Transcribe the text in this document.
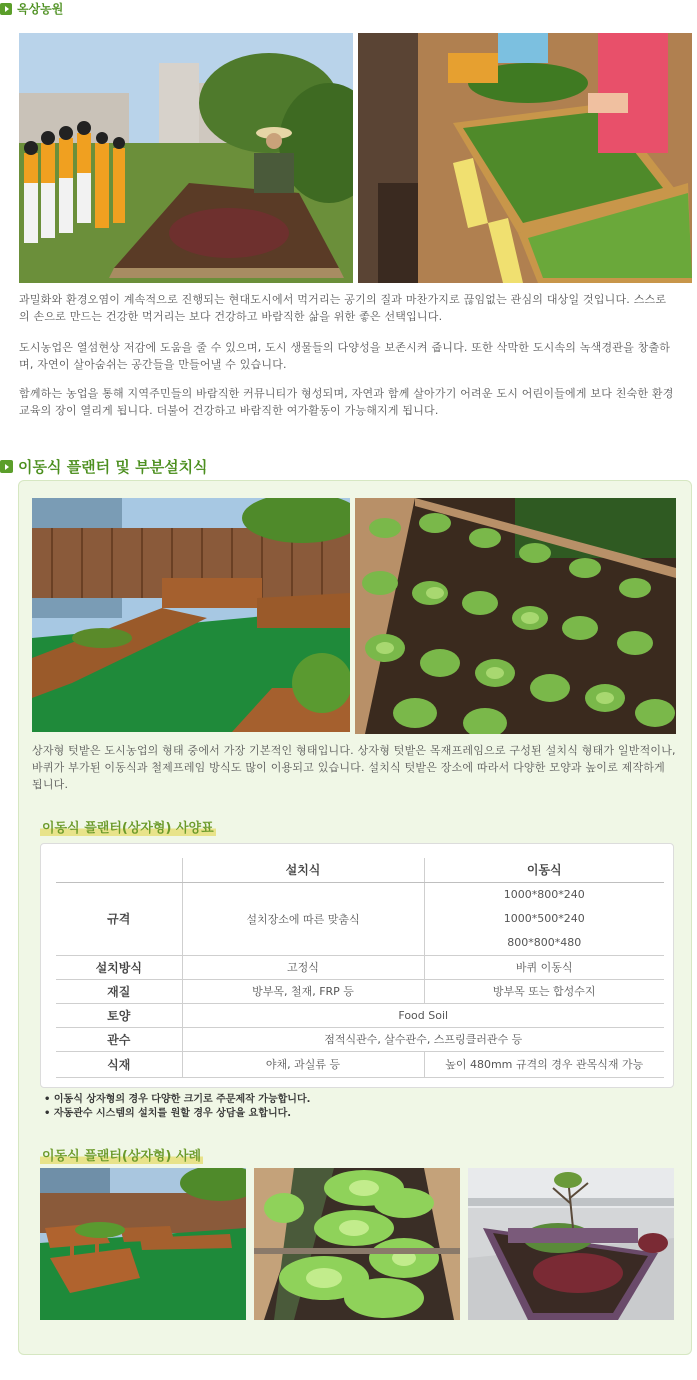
옥상농원

과밀화와 환경오염이 계속적으로 진행되는 현대도시에서 먹거리는 공기의 질과 마찬가지로 끊임없는 관심의 대상일 것입니다. 스스로의 손으로 만드는 건강한 먹거리는 보다 건강하고 바람직한 삶을 위한 좋은 선택입니다.

도시농업은 열섬현상 저감에 도움을 줄 수 있으며, 도시 생물들의 다양성을 보존시켜 줍니다. 또한 삭막한 도시속의 녹색경관을 창출하며, 자연이 살아숨쉬는 공간들을 만들어낼 수 있습니다.

함께하는 농업을 통해 지역주민들의 바람직한 커뮤니티가 형성되며, 자연과 함께 살아가기 어려운 도시 어린이들에게 보다 친숙한 환경교육의 장이 열리게 됩니다. 더불어 건강하고 바람직한 여가활동이 가능해지게 됩니다.

이동식 플랜터 및 부분설치식

상자형 텃밭은 도시농업의 형태 중에서 가장 기본적인 형태입니다. 상자형 텃밭은 목재프레임으로 구성된 설치식 형태가 일반적이나, 바퀴가 부가된 이동식과 철제프레임 방식도 많이 이용되고 있습니다. 설치식 텃밭은 장소에 따라서 다양한 모양과 높이로 제작하게 됩니다.

이동식 플랜터(상자형) 사양표
	설치식	이동식
규격	설치장소에 따른 맞춤식	1000*800*240
1000*500*240
800*800*480

설치방식	고정식	바퀴 이동식
재질	방부목, 철재, FRP 등	방부목 또는 합성수지
토양	Food Soil	
관수	점적식관수, 살수관수, 스프링클러관수 등	
식재	야채, 과실류 등	높이 480mm 규격의 경우 관목식재 가능
• 이동식 상자형의 경우 다양한 크기로 주문제작 가능합니다.
• 자동관수 시스템의 설치를 원할 경우 상담을 요합니다.
이동식 플랜터(상자형) 사례
